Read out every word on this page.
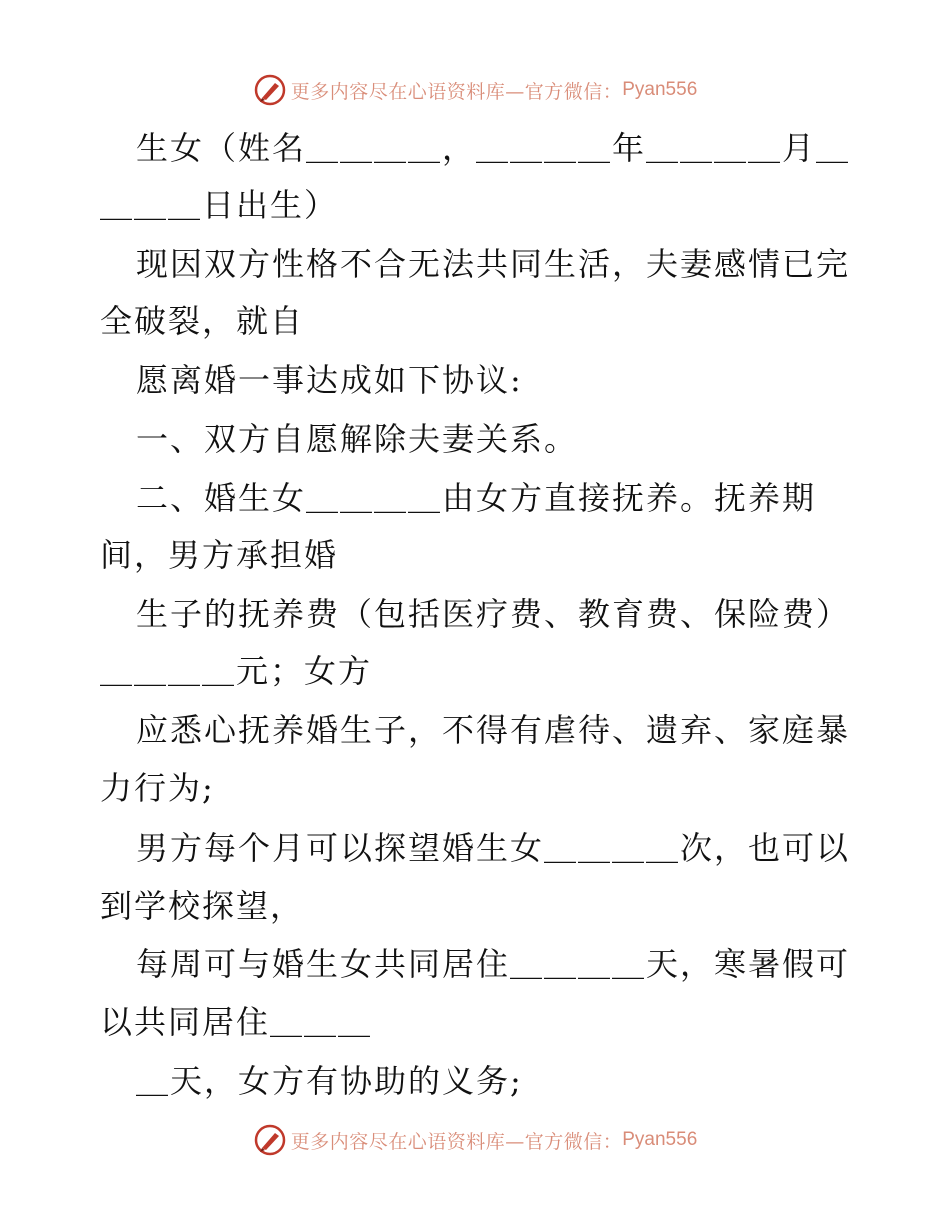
更多内容尽在心语资料库—官方微信： Pyan556
生女（姓名＿＿＿＿，＿＿＿＿年＿＿＿＿月＿
＿＿＿日出生）
现因双方性格不合无法共同生活，夫妻感情已完
全破裂，就自
愿离婚一事达成如下协议:
一、双方自愿解除夫妻关系。
二、婚生女＿＿＿＿由女方直接抚养。抚养期
间，男方承担婚
生子的抚养费（包括医疗费、教育费、保险费）
＿＿＿＿元；女方
应悉心抚养婚生子，不得有虐待、遗弃、家庭暴
力行为;
男方每个月可以探望婚生女＿＿＿＿次，也可以
到学校探望，
每周可与婚生女共同居住＿＿＿＿天，寒暑假可
以共同居住＿＿＿
＿天，女方有协助的义务;
更多内容尽在心语资料库—官方微信： Pyan556
